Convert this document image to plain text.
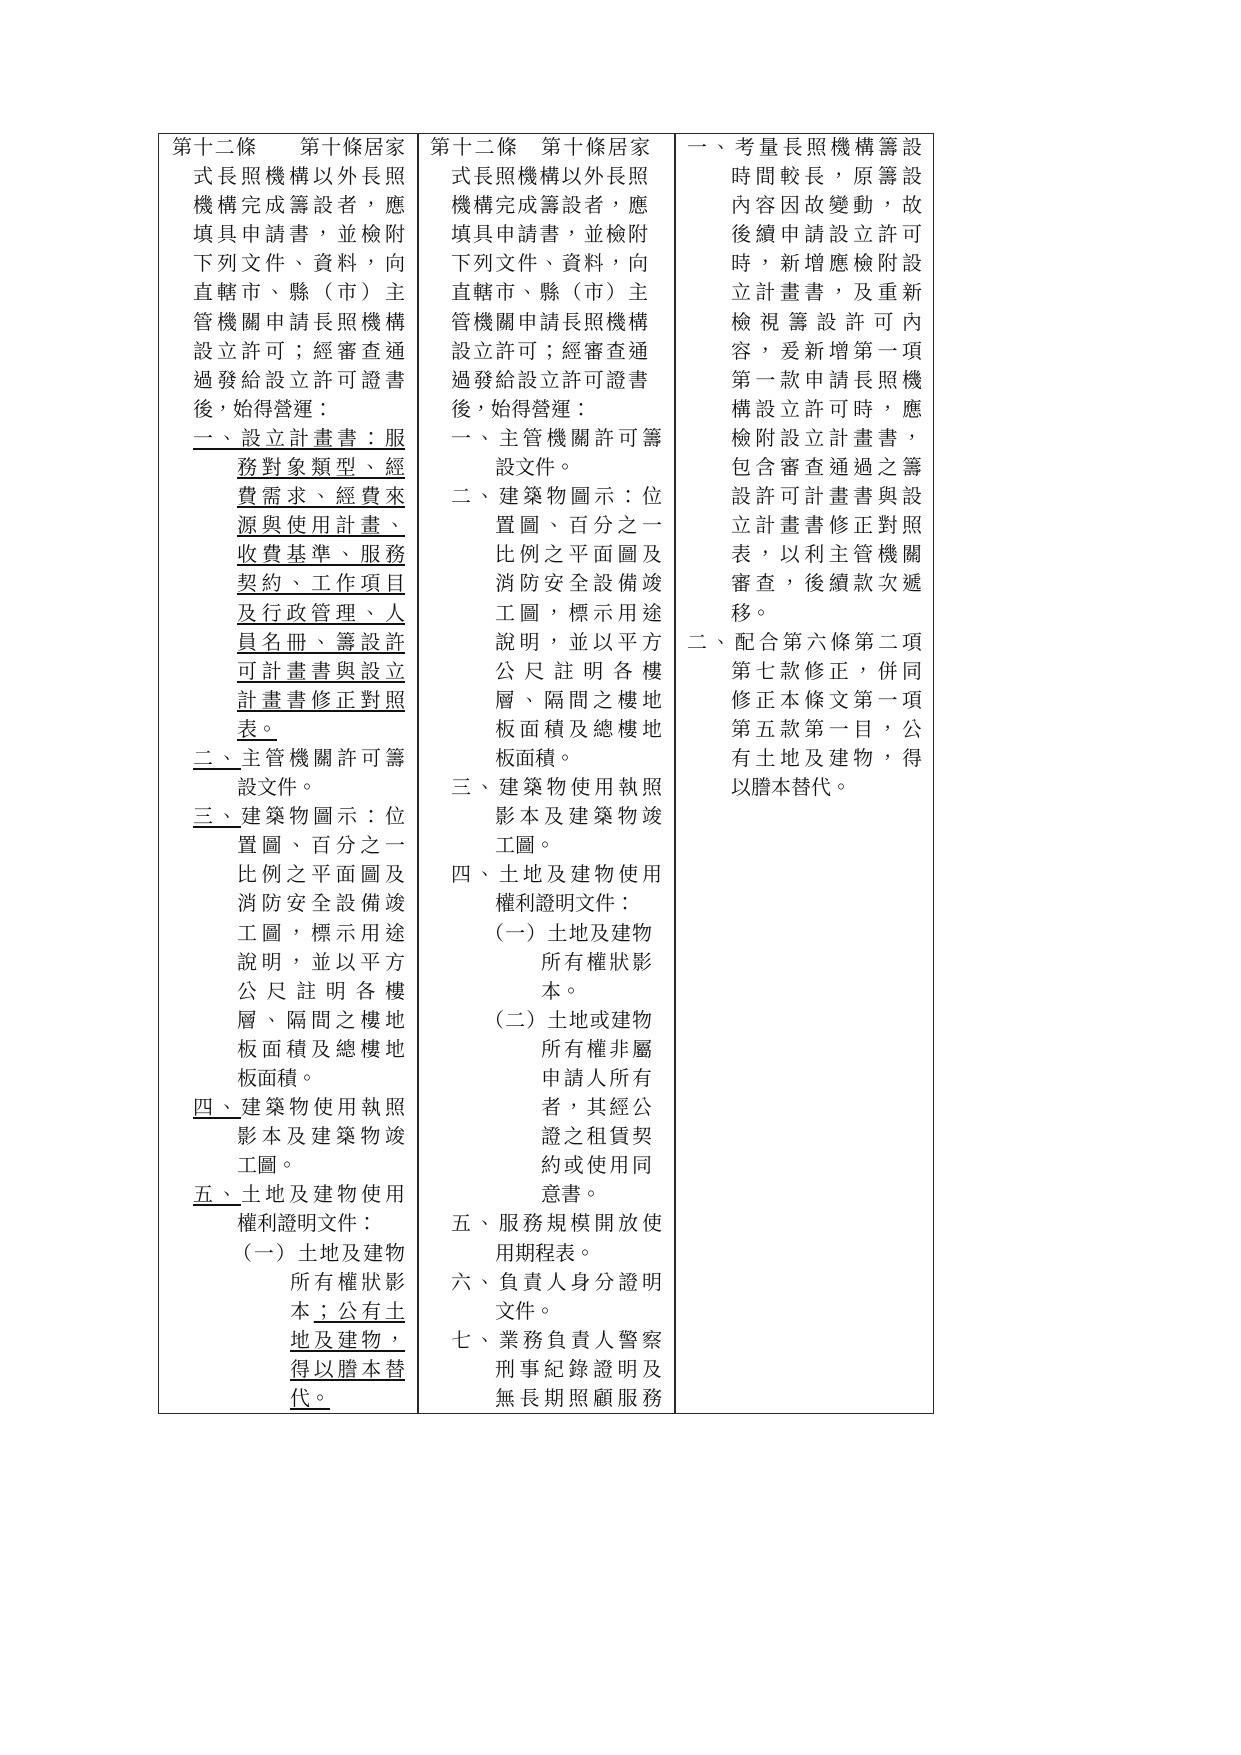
第十二條　　第十條居家
式長照機構以外長照
機構完成籌設者，應
填具申請書，並檢附
下列文件、資料，向
直轄市、縣（市）主
管機關申請長照機構
設立許可；經審查通
過發給設立許可證書
後，始得營運：
一、設立計畫書：服
務對象類型、經
費需求、經費來
源與使用計畫、
收費基準、服務
契約、工作項目
及行政管理、人
員名冊、籌設許
可計畫書與設立
計畫書修正對照
表。
二、主管機關許可籌
設文件。
三、建築物圖示：位
置圖、百分之一
比例之平面圖及
消防安全設備竣
工圖，標示用途
說明，並以平方
公尺註明各樓
層、隔間之樓地
板面積及總樓地
板面積。
四、建築物使用執照
影本及建築物竣
工圖。
五、土地及建物使用
權利證明文件：
（一）土地及建物
所有權狀影
本；公有土
地及建物，
得以謄本替
代。
第十二條　第十條居家
式長照機構以外長照
機構完成籌設者，應
填具申請書，並檢附
下列文件、資料，向
直轄市、縣（市）主
管機關申請長照機構
設立許可；經審查通
過發給設立許可證書
後，始得營運：
一、主管機關許可籌
設文件。
二、建築物圖示：位
置圖、百分之一
比例之平面圖及
消防安全設備竣
工圖，標示用途
說明，並以平方
公尺註明各樓
層、隔間之樓地
板面積及總樓地
板面積。
三、建築物使用執照
影本及建築物竣
工圖。
四、土地及建物使用
權利證明文件：
（一）土地及建物
所有權狀影
本。
（二）土地或建物
所有權非屬
申請人所有
者，其經公
證之租賃契
約或使用同
意書。
五、服務規模開放使
用期程表。
六、負責人身分證明
文件。
七、業務負責人警察
刑事紀錄證明及
無長期照顧服務
一、考量長照機構籌設
時間較長，原籌設
內容因故變動，故
後續申請設立許可
時，新增應檢附設
立計畫書，及重新
檢視籌設許可內
容，爰新增第一項
第一款申請長照機
構設立許可時，應
檢附設立計畫書，
包含審查通過之籌
設許可計畫書與設
立計畫書修正對照
表，以利主管機關
審查，後續款次遞
移。
二、配合第六條第二項
第七款修正，併同
修正本條文第一項
第五款第一目，公
有土地及建物，得
以謄本替代。
